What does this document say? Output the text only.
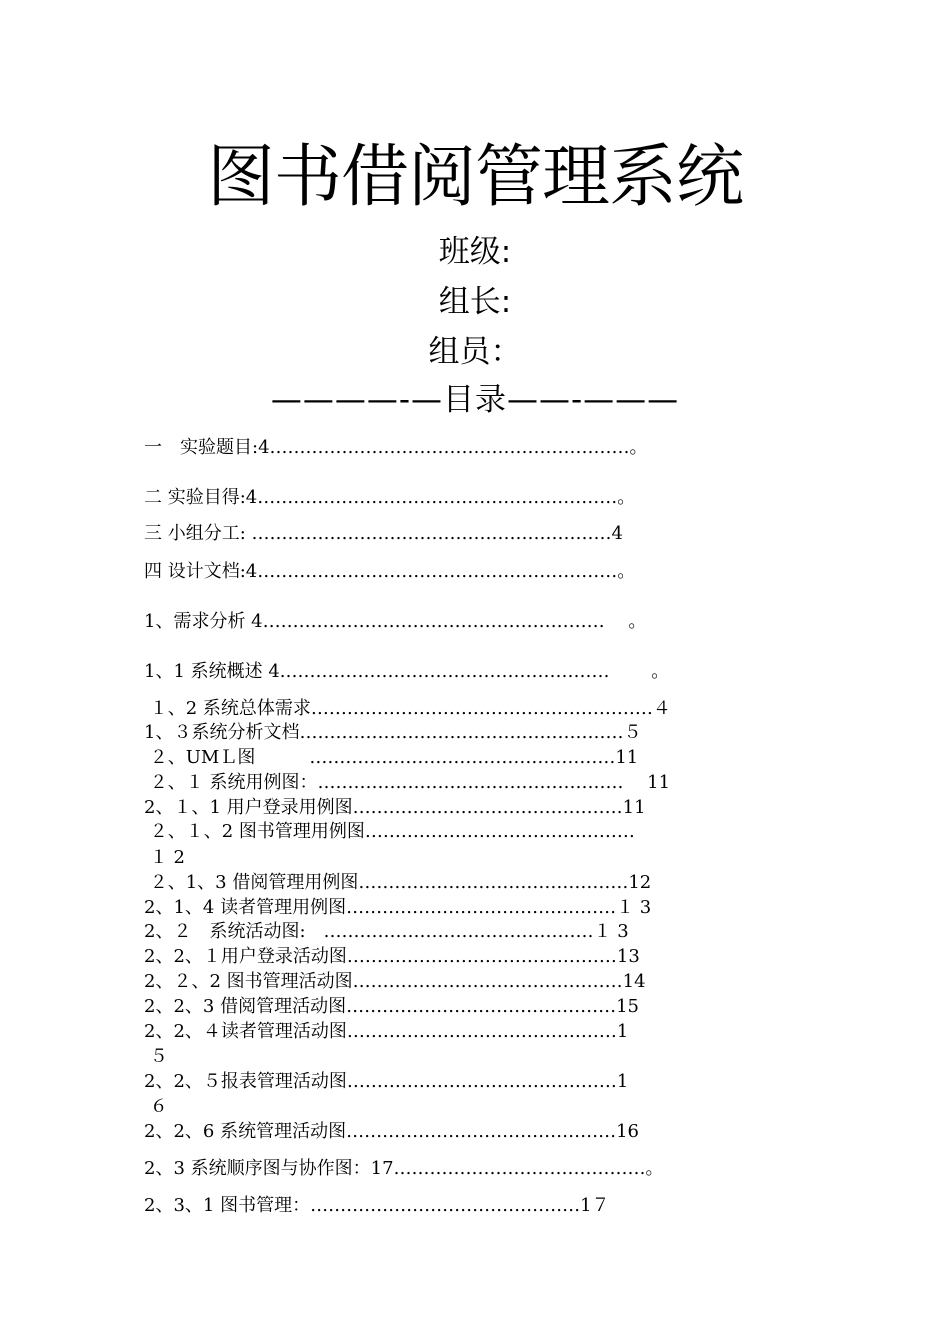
图书借阅管理系统
班级:
组长:
组员：
————-—目录——-———
一　实验题目:4……………………………………………………。
二 实验目得:4……………………………………………………。
三 小组分工: ……………………………………………………4
四 设计文档:4……………………………………………………。
1、需求分析 4…………………………………………………　 。
1、1 系统概述 4.………………………………………………　 　。
１、2 系统总体需求…………………………………………………４
1、３系统分析文档………………………………………………５
２、UMＬ图　　　……………………………………………11
２、１ 系统用例图：…………………………………………… 　11
2、１、1 用户登录用例图………………………………………11
２、１、2 图书管理用例图………………………………………
１ 2
２、1、3 借阅管理用例图………………………………………12
2、1、4 读者管理用例图………………………………………１ 3
2、２　系统活动图:　………………………………………１ 3
2、2、１用户登录活动图………………………………………13
2、２、2 图书管理活动图………………………………………14
2、2、3 借阅管理活动图………………………………………15
2、2、４读者管理活动图………………………………………1
５
2、2、５报表管理活动图………………………………………1
６
2、2、6 系统管理活动图………………………………………16
2、3 系统顺序图与协作图：17……………………………………。
2、3、1 图书管理：………………………………………1７
